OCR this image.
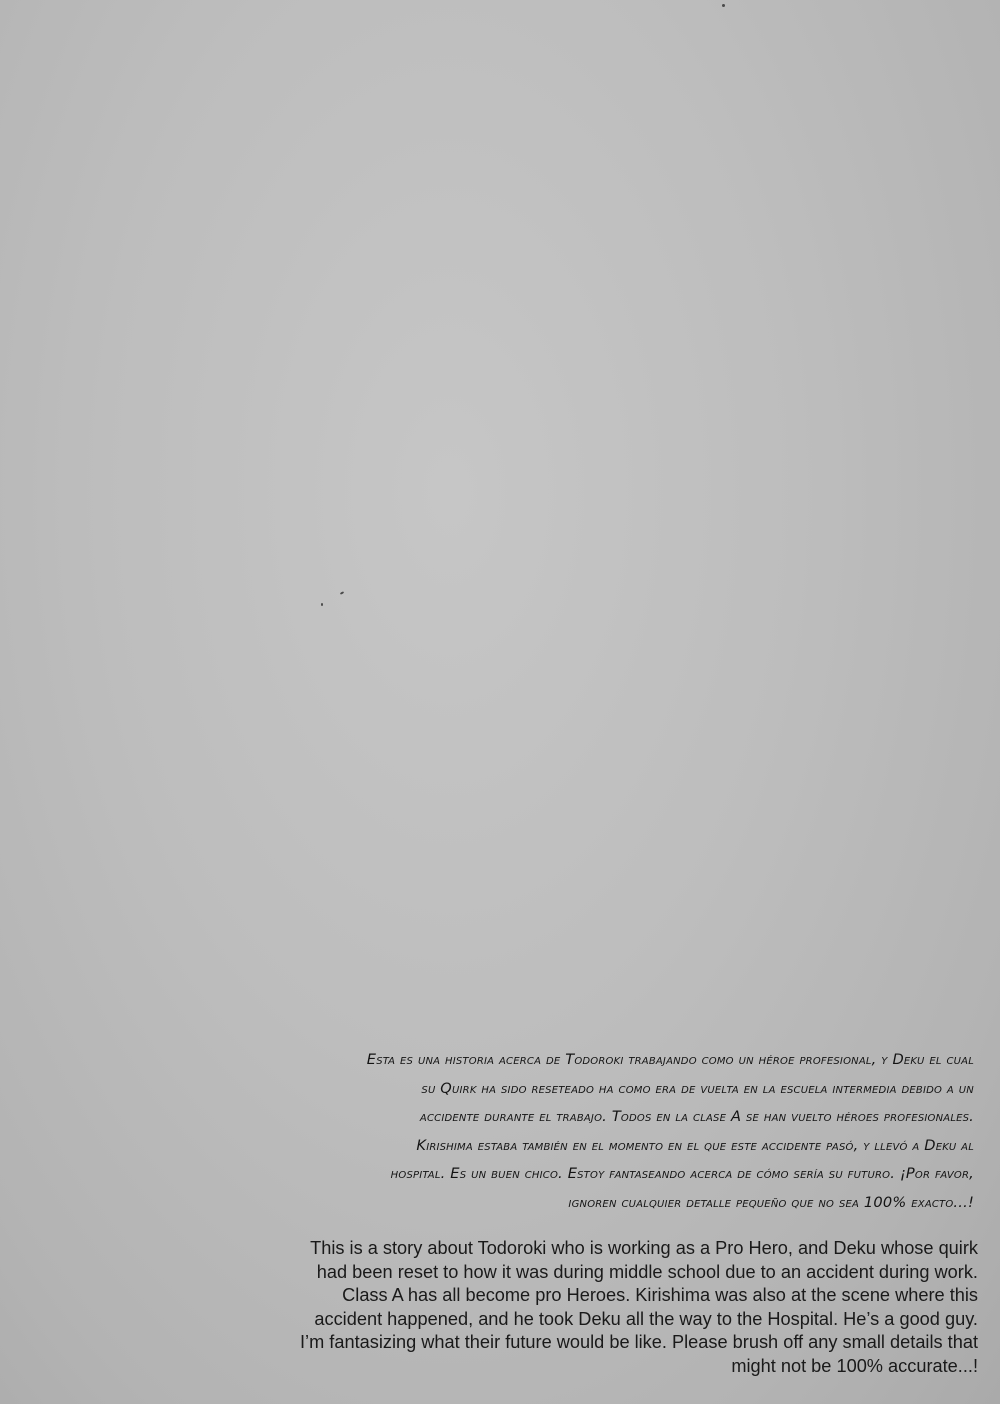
Esta es una historia acerca de Todoroki trabajando como un héroe profesional, y Deku el cual
su Quirk ha sido reseteado ha como era de vuelta en la escuela intermedia debido a un
accidente durante el trabajo. Todos en la clase A se han vuelto héroes profesionales.
Kirishima estaba también en el momento en el que este accidente pasó, y llevó a Deku al
hospital. Es un buen chico. Estoy fantaseando acerca de cómo sería su futuro. ¡Por favor,
ignoren cualquier detalle pequeño que no sea 100% exacto...!

This is a story about Todoroki who is working as a Pro Hero, and Deku whose quirk
had been reset to how it was during middle school due to an accident during work.
Class A has all become pro Heroes. Kirishima was also at the scene where this
accident happened, and he took Deku all the way to the Hospital. He’s a good guy.
I’m fantasizing what their future would be like. Please brush off any small details that
might not be 100% accurate...!
